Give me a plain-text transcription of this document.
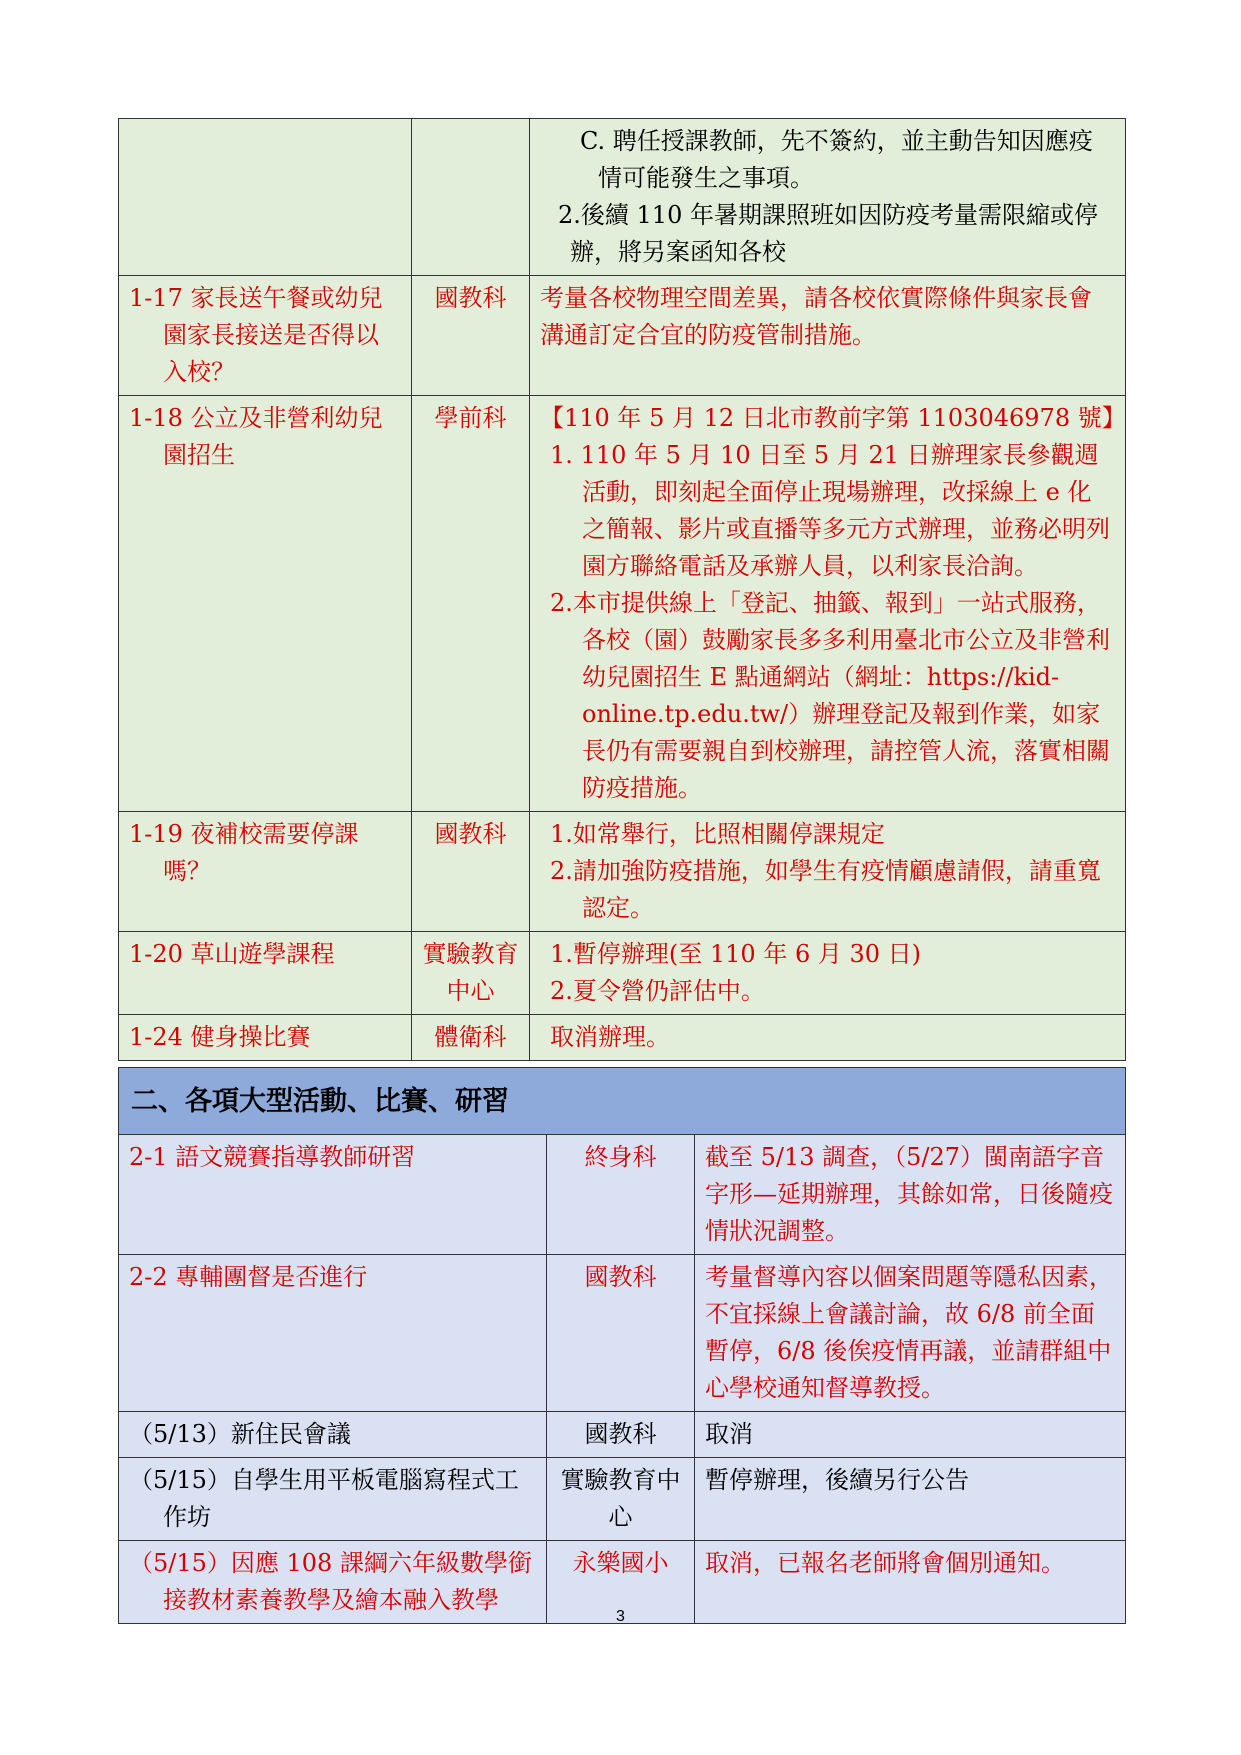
		C. 聘任授課教師，先不簽約，並主動告知因應疫情可能發生之事項。

2.後續 110 年暑期課照班如因防疫考量需限縮或停辦，將另案函知各校

1-17 家長送午餐或幼兒園家長接送是否得以入校？	國教科	考量各校物理空間差異，請各校依實際條件與家長會溝通訂定合宜的防疫管制措施。
1-18 公立及非營利幼兒園招生	學前科	【110 年 5 月 12 日北市教前字第 1103046978 號】

1. 110 年 5 月 10 日至 5 月 21 日辦理家長參觀週活動，即刻起全面停止現場辦理，改採線上 e 化之簡報、影片或直播等多元方式辦理，並務必明列園方聯絡電話及承辦人員，以利家長洽詢。

2.本市提供線上「登記、抽籤、報到」一站式服務，各校（園）鼓勵家長多多利用臺北市公立及非營利幼兒園招生 E 點通網站（網址：https://kid-online.tp.edu.tw/）辦理登記及報到作業，如家長仍有需要親自到校辦理，請控管人流，落實相關防疫措施。

1-19 夜補校需要停課嗎？	國教科	1.如常舉行，比照相關停課規定

2.請加強防疫措施，如學生有疫情顧慮請假，請重寬認定。

1-20 草山遊學課程	實驗教育中心	1.暫停辦理(至 110 年 6 月 30 日)

2.夏令營仍評估中。

1-24 健身操比賽	體衛科	取消辦理。
二、各項大型活動、比賽、研習		
2-1 語文競賽指導教師研習	終身科	截至 5/13 調查，（5/27）閩南語字音字形—延期辦理，其餘如常，日後隨疫情狀況調整。
2-2 專輔團督是否進行	國教科	考量督導內容以個案問題等隱私因素，不宜採線上會議討論，故 6/8 前全面暫停，6/8 後俟疫情再議，並請群組中心學校通知督導教授。
（5/13）新住民會議	國教科	取消
（5/15）自學生用平板電腦寫程式工作坊	實驗教育中心	暫停辦理，後續另行公告
（5/15）因應 108 課綱六年級數學銜接教材素養教學及繪本融入教學	永樂國小	取消，已報名老師將會個別通知。
3
